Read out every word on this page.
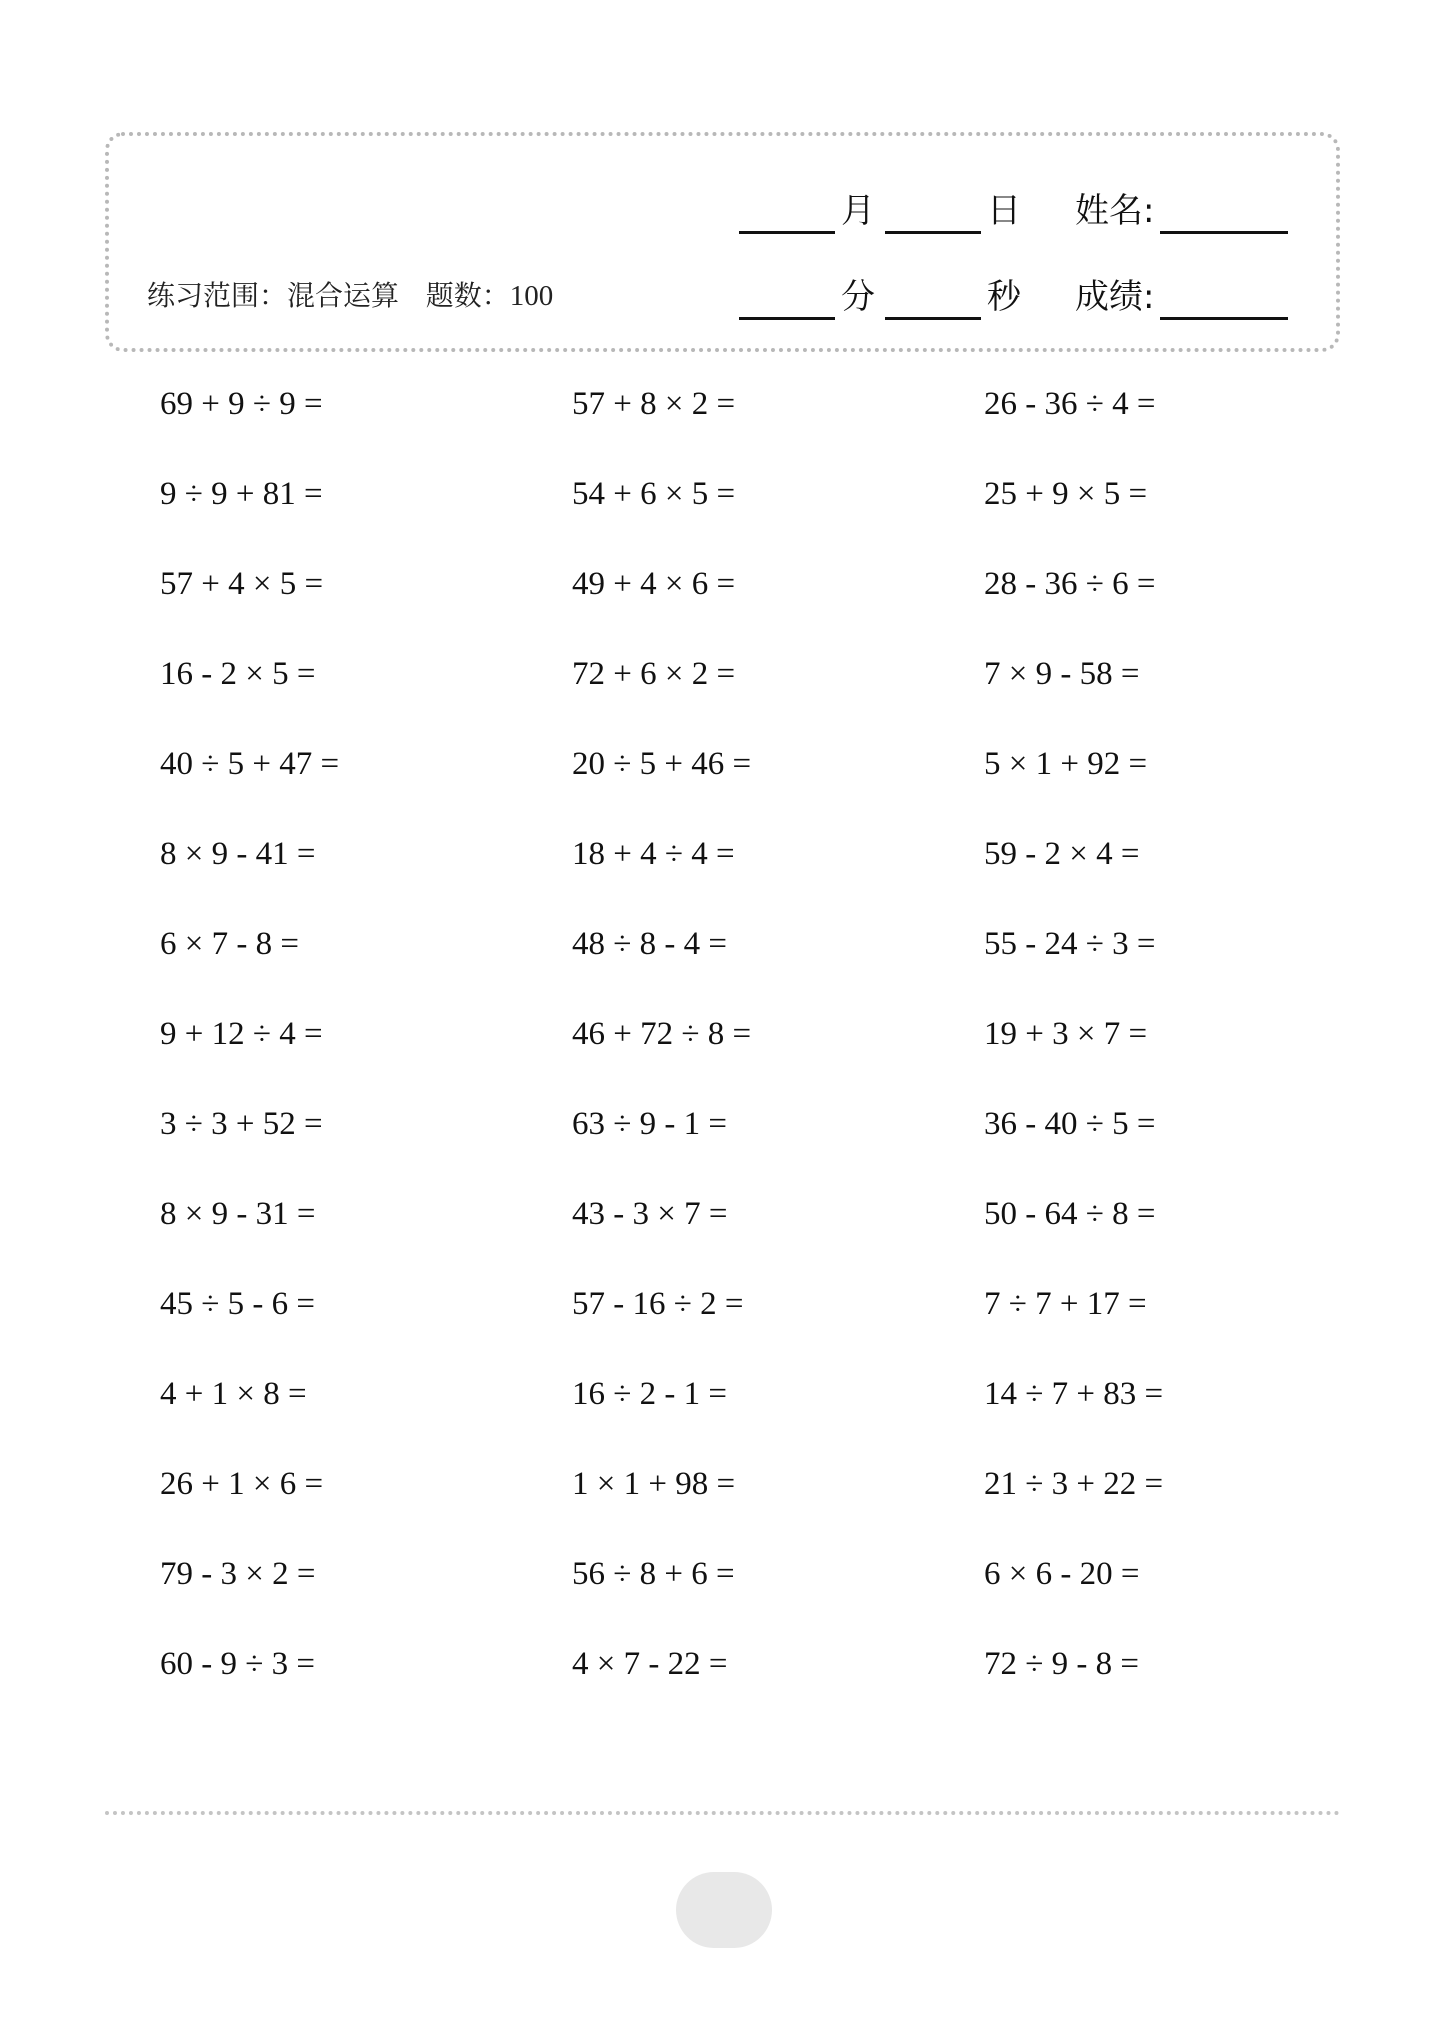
月	日 姓名:
练习范围：混合运算 题数：100	分	秒 成绩:
69 + 9 ÷ 9 =	57 + 8 × 2 =	26 - 36 ÷ 4 =
9 ÷ 9 + 81 =	54 + 6 × 5 =	25 + 9 × 5 =
57 + 4 × 5 =	49 + 4 × 6 =	28 - 36 ÷ 6 =
16 - 2 × 5 =	72 + 6 × 2 =	7 × 9 - 58 =
40 ÷ 5 + 47 =	20 ÷ 5 + 46 =	5 × 1 + 92 =
8 × 9 - 41 =	18 + 4 ÷ 4 =	59 - 2 × 4 =
6 × 7 - 8 =	48 ÷ 8 - 4 =	55 - 24 ÷ 3 =
9 + 12 ÷ 4 =	46 + 72 ÷ 8 =	19 + 3 × 7 =
3 ÷ 3 + 52 =	63 ÷ 9 - 1 =	36 - 40 ÷ 5 =
8 × 9 - 31 =	43 - 3 × 7 =	50 - 64 ÷ 8 =
45 ÷ 5 - 6 =	57 - 16 ÷ 2 =	7 ÷ 7 + 17 =
4 + 1 × 8 =	16 ÷ 2 - 1 =	14 ÷ 7 + 83 =
26 + 1 × 6 =	1 × 1 + 98 =	21 ÷ 3 + 22 =
79 - 3 × 2 =	56 ÷ 8 + 6 =	6 × 6 - 20 =
60 - 9 ÷ 3 =	4 × 7 - 22 =	72 ÷ 9 - 8 =
